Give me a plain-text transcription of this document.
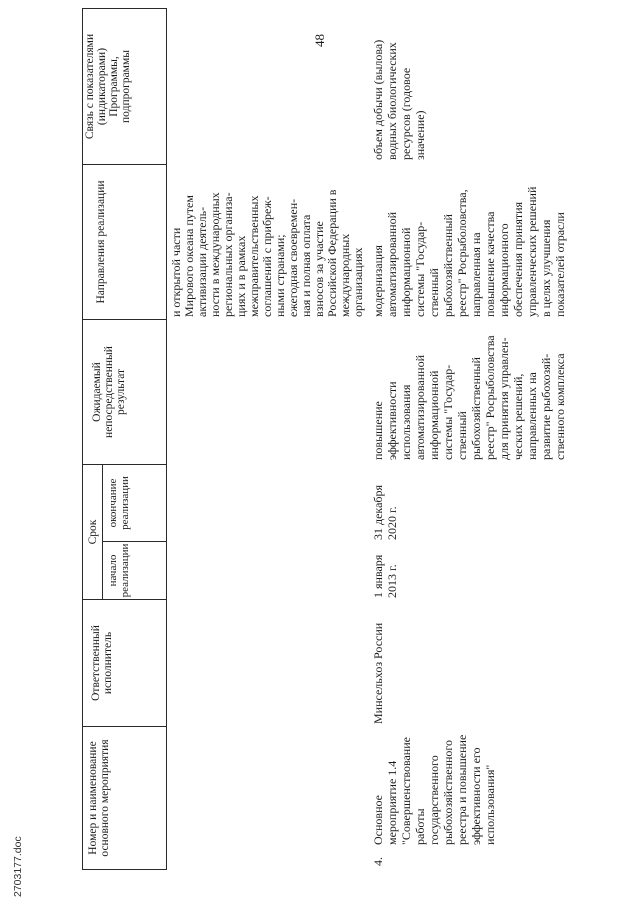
48
2703177.doc
Номер и наименование основного мероприятия
Ответственный исполнитель
Срок
начало реализации
окончание реализации
Ожидаемый непосредственный результат
Направления реализации
Связь с показателями (индикаторами) Программы, подпрограммы
и открытой части Мирового океана путем активизации деятель- ности в международных региональных организа- циях и в рамках межправительственных соглашений с прибреж- ными странами; ежегодная своевремен- ная и полная оплата взносов за участие Российской Федерации в международных организациях
4.
Основное мероприятие 1.4 "Совершенствование работы государственного рыбохозяйственного реестра и повышение эффективности его использования"
Минсельхоз России
1 января 2013 г.
31 декабря 2020 г.
повышение эффективности использования автоматизированной информационной системы "Государ- ственный рыбохозяйственный реестр" Росрыболовства для принятия управлен- ческих решений, направленных на развитие рыбохозяй- ственного комплекса
модернизация автоматизированной информационной системы "Государ- ственный рыбохозяйственный реестр" Росрыболовства, направленная на повышение качества информационного обеспечения принятия управленческих решений в целях улучшения показателей отрасли
объем добычи (вылова) водных биологических ресурсов (годовое значение)
